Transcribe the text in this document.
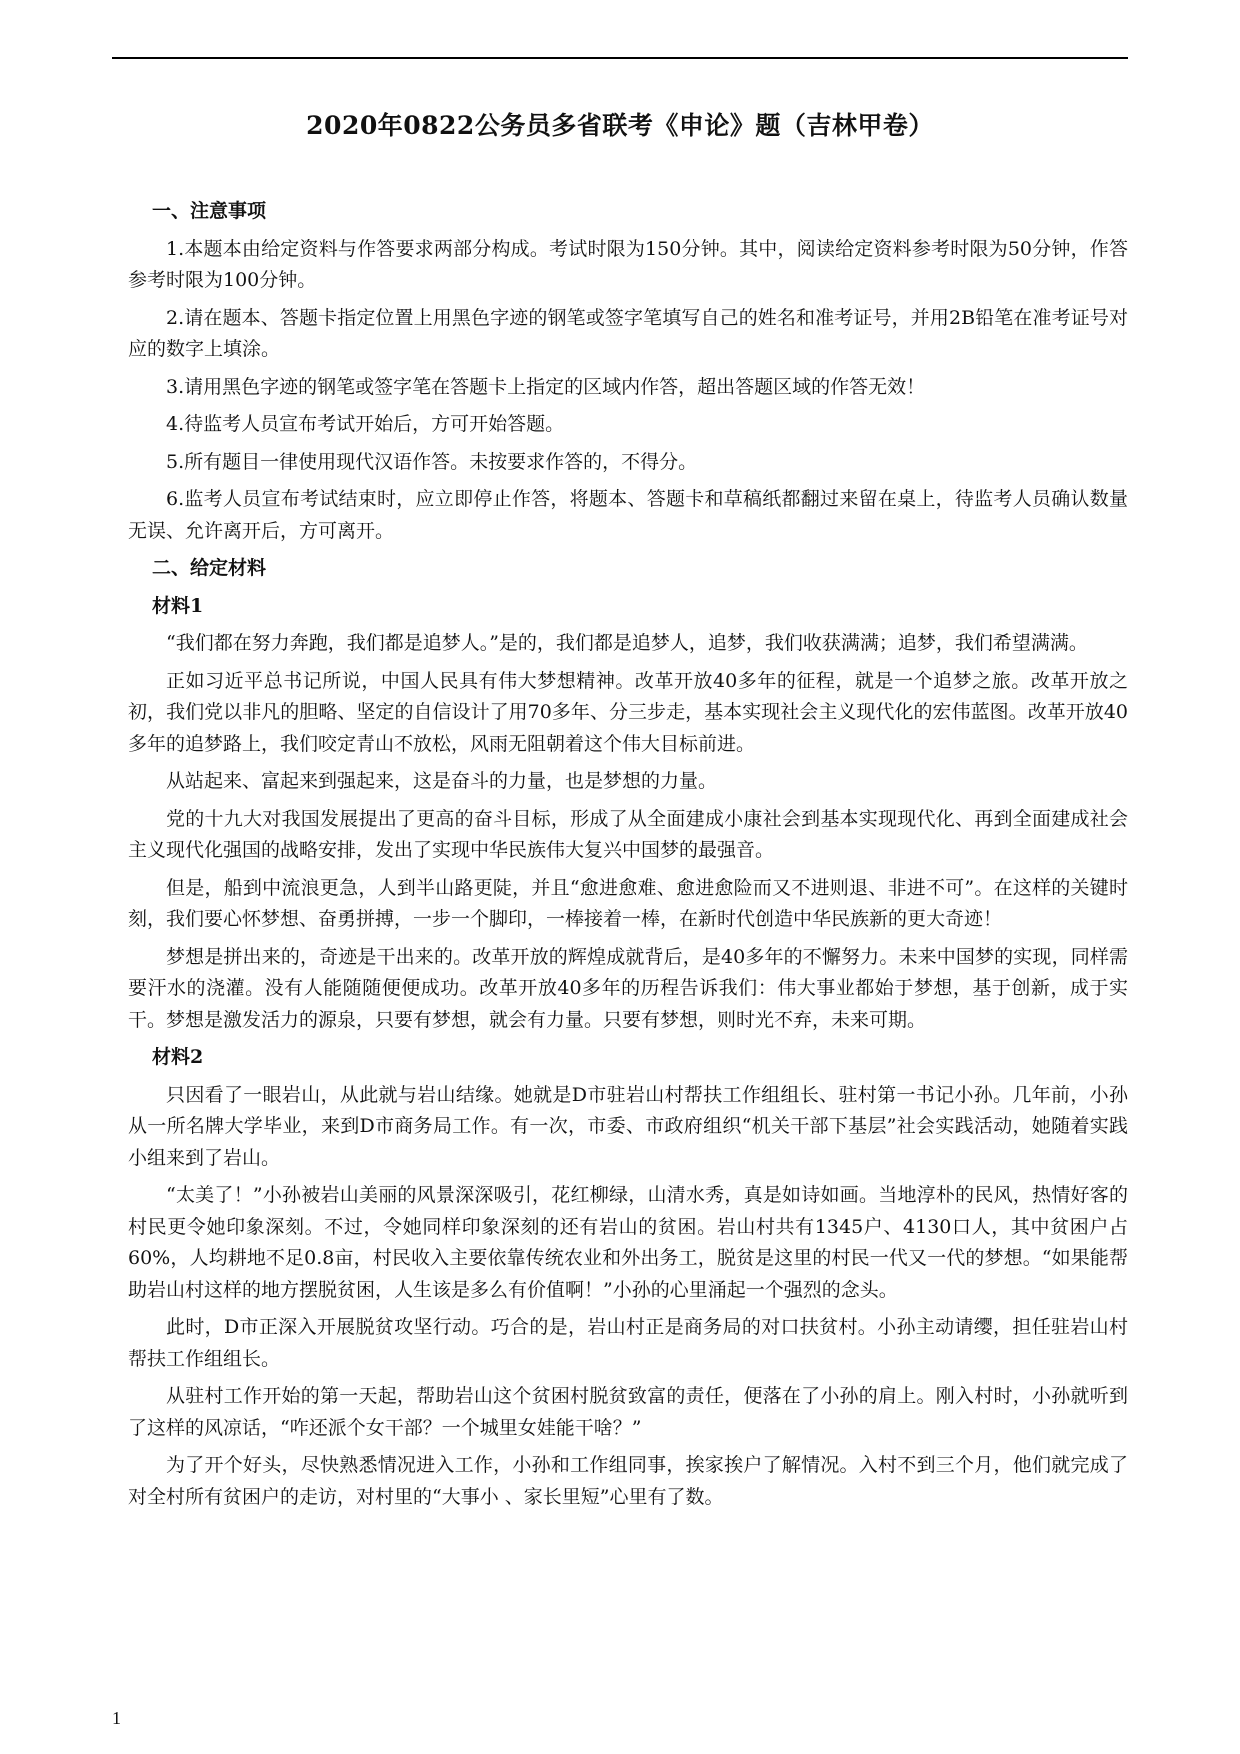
2020年0822公务员多省联考《申论》题（吉林甲卷）
一、注意事项
1.本题本由给定资料与作答要求两部分构成。考试时限为150分钟。其中，阅读给定资料参考时限为50分钟，作答参考时限为100分钟。
2.请在题本、答题卡指定位置上用黑色字迹的钢笔或签字笔填写自己的姓名和准考证号，并用2B铅笔在准考证号对应的数字上填涂。
3.请用黑色字迹的钢笔或签字笔在答题卡上指定的区域内作答，超出答题区域的作答无效！
4.待监考人员宣布考试开始后，方可开始答题。
5.所有题目一律使用现代汉语作答。未按要求作答的，不得分。
6.监考人员宣布考试结束时，应立即停止作答，将题本、答题卡和草稿纸都翻过来留在桌上，待监考人员确认数量无误、允许离开后，方可离开。
二、给定材料
材料1
“我们都在努力奔跑，我们都是追梦人。”是的，我们都是追梦人，追梦，我们收获满满；追梦，我们希望满满。
正如习近平总书记所说，中国人民具有伟大梦想精神。改革开放40多年的征程，就是一个追梦之旅。改革开放之初，我们党以非凡的胆略、坚定的自信设计了用70多年、分三步走，基本实现社会主义现代化的宏伟蓝图。改革开放40多年的追梦路上，我们咬定青山不放松，风雨无阻朝着这个伟大目标前进。
从站起来、富起来到强起来，这是奋斗的力量，也是梦想的力量。
党的十九大对我国发展提出了更高的奋斗目标，形成了从全面建成小康社会到基本实现现代化、再到全面建成社会主义现代化强国的战略安排，发出了实现中华民族伟大复兴中国梦的最强音。
但是，船到中流浪更急，人到半山路更陡，并且“愈进愈难、愈进愈险而又不进则退、非进不可”。在这样的关键时刻，我们要心怀梦想、奋勇拼搏，一步一个脚印，一棒接着一棒，在新时代创造中华民族新的更大奇迹！
梦想是拼出来的，奇迹是干出来的。改革开放的辉煌成就背后，是40多年的不懈努力。未来中国梦的实现，同样需要汗水的浇灌。没有人能随随便便成功。改革开放40多年的历程告诉我们：伟大事业都始于梦想，基于创新，成于实干。梦想是激发活力的源泉，只要有梦想，就会有力量。只要有梦想，则时光不弃，未来可期。
材料2
只因看了一眼岩山，从此就与岩山结缘。她就是D市驻岩山村帮扶工作组组长、驻村第一书记小孙。几年前，小孙从一所名牌大学毕业，来到D市商务局工作。有一次，市委、市政府组织“机关干部下基层”社会实践活动，她随着实践小组来到了岩山。
“太美了！”小孙被岩山美丽的风景深深吸引，花红柳绿，山清水秀，真是如诗如画。当地淳朴的民风，热情好客的村民更令她印象深刻。不过，令她同样印象深刻的还有岩山的贫困。岩山村共有1345户、4130口人，其中贫困户占60%，人均耕地不足0.8亩，村民收入主要依靠传统农业和外出务工，脱贫是这里的村民一代又一代的梦想。“如果能帮助岩山村这样的地方摆脱贫困，人生该是多么有价值啊！”小孙的心里涌起一个强烈的念头。
此时，D市正深入开展脱贫攻坚行动。巧合的是，岩山村正是商务局的对口扶贫村。小孙主动请缨，担任驻岩山村帮扶工作组组长。
从驻村工作开始的第一天起，帮助岩山这个贫困村脱贫致富的责任，便落在了小孙的肩上。刚入村时，小孙就听到了这样的风凉话，“咋还派个女干部？一个城里女娃能干啥？”
为了开个好头，尽快熟悉情况进入工作，小孙和工作组同事，挨家挨户了解情况。入村不到三个月，他们就完成了对全村所有贫困户的走访，对村里的“大事小 、家长里短”心里有了数。
1
